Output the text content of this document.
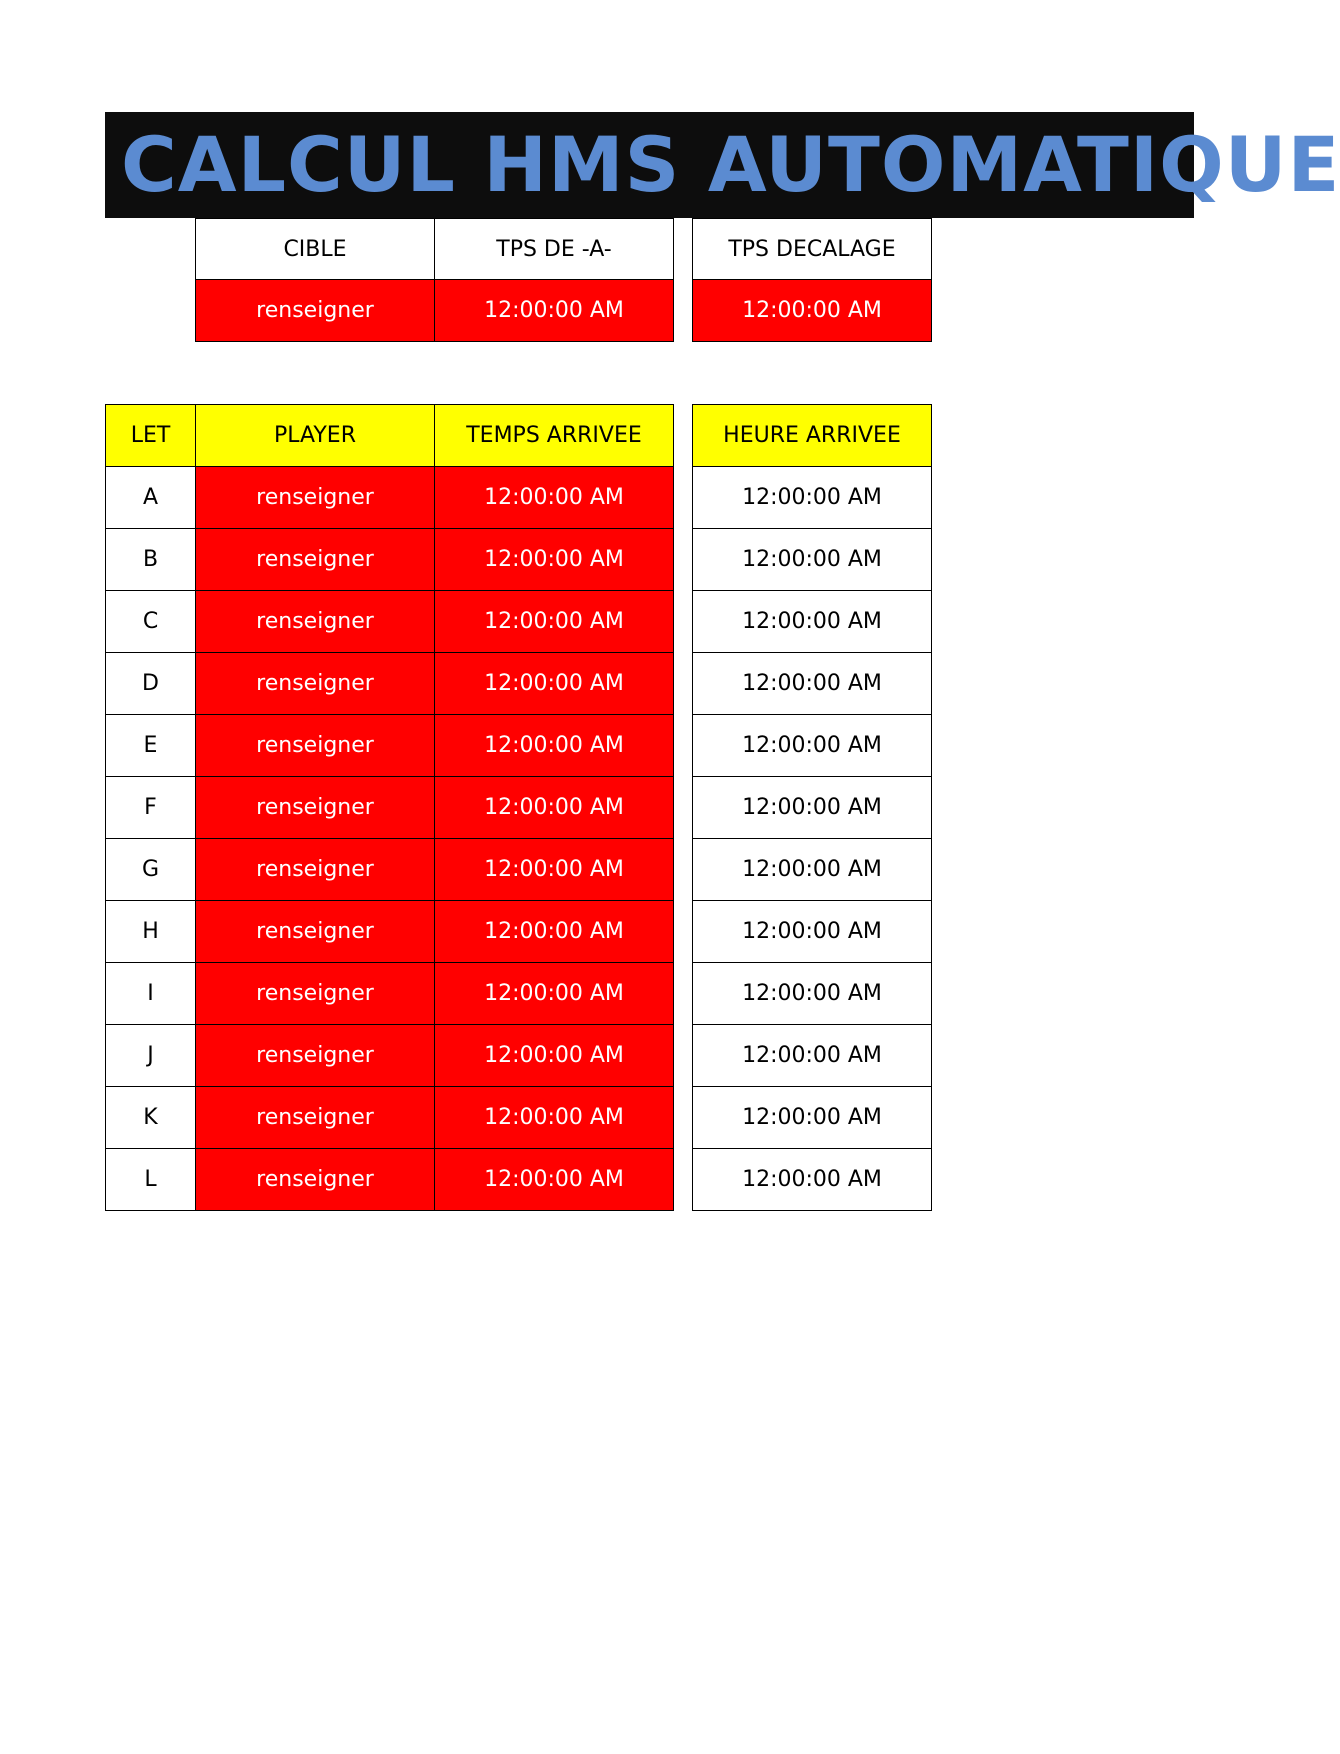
CALCUL HMS AUTOMATIQUE
CIBLE	TPS DE -A-	TPS DECALAGE
renseigner	12:00:00 AM	12:00:00 AM
LET	PLAYER	TEMPS ARRIVEE	HEURE ARRIVEE
A	renseigner	12:00:00 AM	12:00:00 AM
B	renseigner	12:00:00 AM	12:00:00 AM
C	renseigner	12:00:00 AM	12:00:00 AM
D	renseigner	12:00:00 AM	12:00:00 AM
E	renseigner	12:00:00 AM	12:00:00 AM
F	renseigner	12:00:00 AM	12:00:00 AM
G	renseigner	12:00:00 AM	12:00:00 AM
H	renseigner	12:00:00 AM	12:00:00 AM
I	renseigner	12:00:00 AM	12:00:00 AM
J	renseigner	12:00:00 AM	12:00:00 AM
K	renseigner	12:00:00 AM	12:00:00 AM
L	renseigner	12:00:00 AM	12:00:00 AM
